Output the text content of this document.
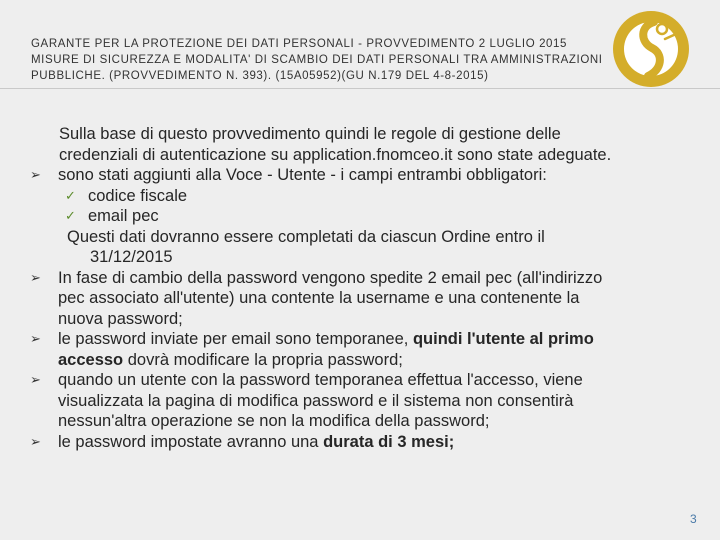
GARANTE PER LA PROTEZIONE DEI DATI PERSONALI - PROVVEDIMENTO 2 LUGLIO 2015
MISURE DI SICUREZZA E MODALITA' DI SCAMBIO DEI DATI PERSONALI TRA AMMINISTRAZIONI
PUBBLICHE. (PROVVEDIMENTO N. 393). (15A05952)(GU N.179 DEL 4-8-2015)
Sulla base di questo provvedimento quindi le regole di gestione delle
credenziali di autenticazione su application.fnomceo.it sono state adeguate.
➢ sono stati aggiunti alla Voce - Utente - i campi entrambi obbligatori:
✓ codice fiscale
✓ email pec
Questi dati dovranno essere completati da ciascun Ordine entro il
31/12/2015
➢ In fase di cambio della password vengono spedite 2 email pec (all'indirizzo
pec associato all'utente) una contente la username e una contenente la
nuova password;
➢ le password inviate per email sono temporanee, quindi l'utente al primo
accesso dovrà modificare la propria password;
➢ quando un utente con la password temporanea effettua l'accesso, viene
visualizzata la pagina di modifica password e il sistema non consentirà
nessun'altra operazione se non la modifica della password;
➢ le password impostate avranno una durata di 3 mesi;
3
